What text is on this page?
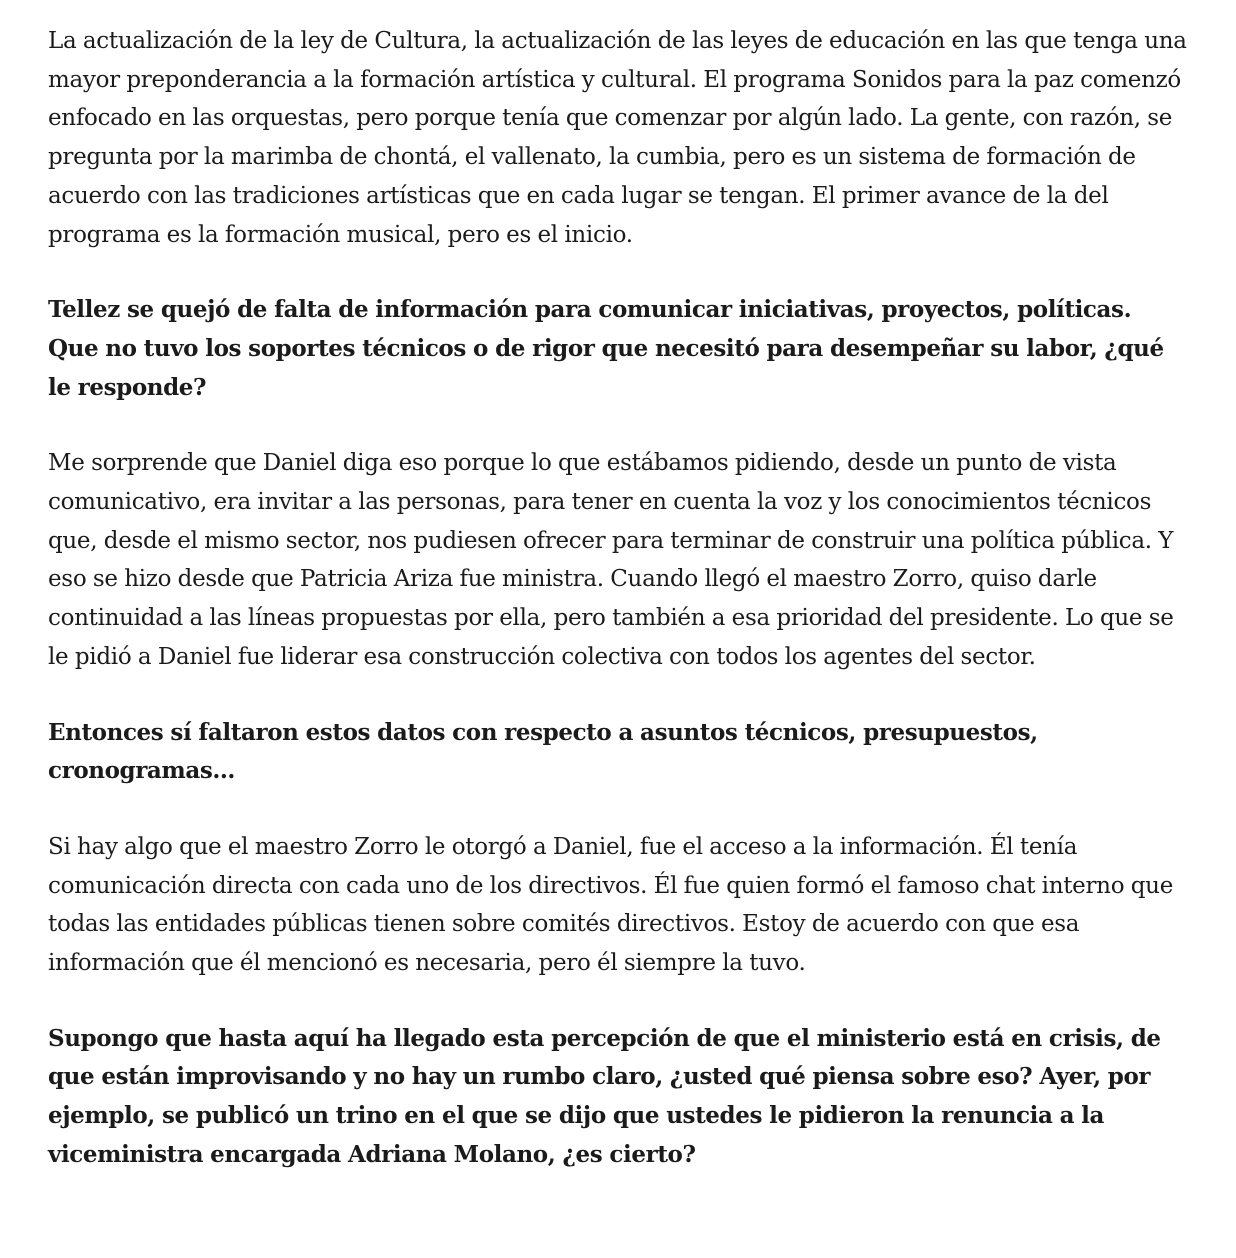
La actualización de la ley de Cultura, la actualización de las leyes de educación en las que tenga una mayor preponderancia a la formación artística y cultural. El programa Sonidos para la paz comenzó enfocado en las orquestas, pero porque tenía que comenzar por algún lado. La gente, con razón, se pregunta por la marimba de chontá, el vallenato, la cumbia, pero es un sistema de formación de acuerdo con las tradiciones artísticas que en cada lugar se tengan. El primer avance de la del programa es la formación musical, pero es el inicio.

Tellez se quejó de falta de información para comunicar iniciativas, proyectos, políticas. Que no tuvo los soportes técnicos o de rigor que necesitó para desempeñar su labor, ¿qué le responde?

Me sorprende que Daniel diga eso porque lo que estábamos pidiendo, desde un punto de vista comunicativo, era invitar a las personas, para tener en cuenta la voz y los conocimientos técnicos que, desde el mismo sector, nos pudiesen ofrecer para terminar de construir una política pública. Y eso se hizo desde que Patricia Ariza fue ministra. Cuando llegó el maestro Zorro, quiso darle continuidad a las líneas propuestas por ella, pero también a esa prioridad del presidente. Lo que se le pidió a Daniel fue liderar esa construcción colectiva con todos los agentes del sector.

Entonces sí faltaron estos datos con respecto a asuntos técnicos, presupuestos, cronogramas…

Si hay algo que el maestro Zorro le otorgó a Daniel, fue el acceso a la información. Él tenía comunicación directa con cada uno de los directivos. Él fue quien formó el famoso chat interno que todas las entidades públicas tienen sobre comités directivos. Estoy de acuerdo con que esa información que él mencionó es necesaria, pero él siempre la tuvo.

Supongo que hasta aquí ha llegado esta percepción de que el ministerio está en crisis, de que están improvisando y no hay un rumbo claro, ¿usted qué piensa sobre eso? Ayer, por ejemplo, se publicó un trino en el que se dijo que ustedes le pidieron la renuncia a la viceministra encargada Adriana Molano, ¿es cierto?
